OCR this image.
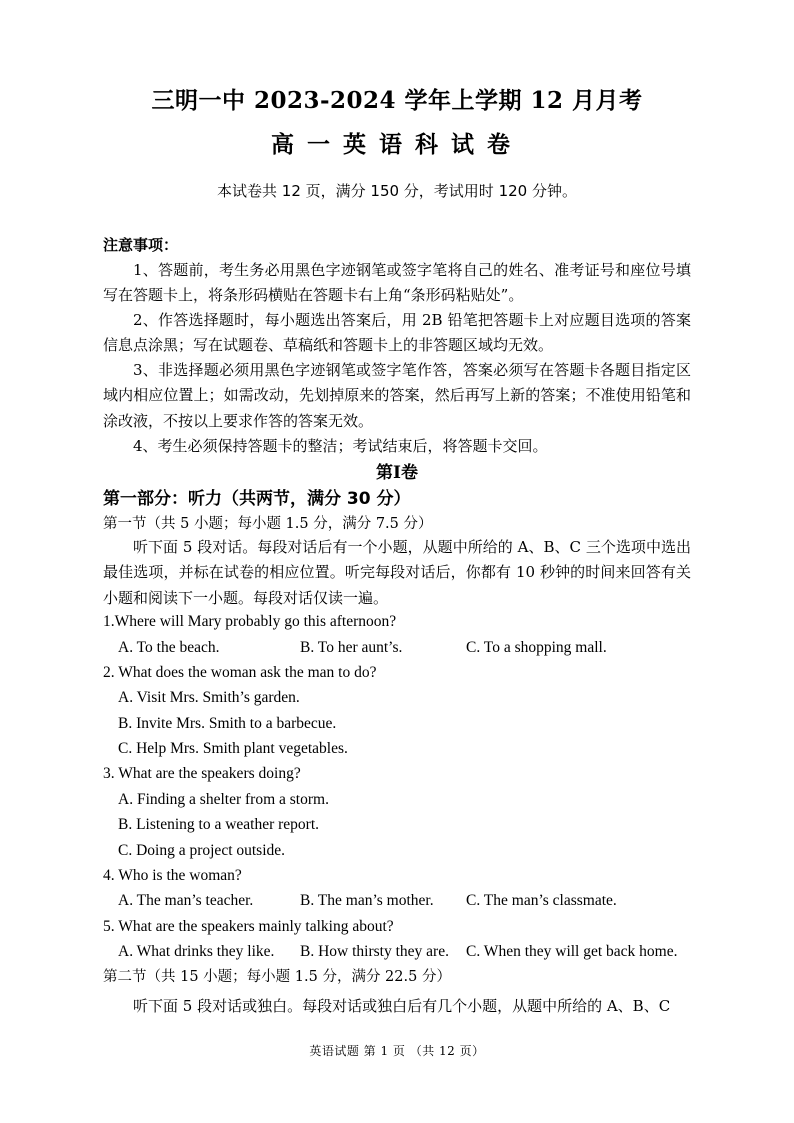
三明一中 2023-2024 学年上学期 12 月月考
高一英语科试卷
本试卷共 12 页，满分 150 分，考试用时 120 分钟。
注意事项：
1、答题前，考生务必用黑色字迹钢笔或签字笔将自己的姓名、准考证号和座位号填写在答题卡上，将条形码横贴在答题卡右上角“条形码粘贴处”。
2、作答选择题时，每小题选出答案后，用 2B 铅笔把答题卡上对应题目选项的答案信息点涂黑；写在试题卷、草稿纸和答题卡上的非答题区域均无效。
3、非选择题必须用黑色字迹钢笔或签字笔作答，答案必须写在答题卡各题目指定区域内相应位置上；如需改动，先划掉原来的答案，然后再写上新的答案；不准使用铅笔和涂改液，不按以上要求作答的答案无效。
4、考生必须保持答题卡的整洁；考试结束后，将答题卡交回。
第I卷
第一部分：听力（共两节，满分 30 分）
第一节（共 5 小题；每小题 1.5 分，满分 7.5 分）
听下面 5 段对话。每段对话后有一个小题，从题中所给的 A、B、C 三个选项中选出最佳选项，并标在试卷的相应位置。听完每段对话后，你都有 10 秒钟的时间来回答有关小题和阅读下一小题。每段对话仅读一遍。
1.Where will Mary probably go this afternoon?
A. To the beach.	B. To her aunt’s.	C. To a shopping mall.
2. What does the woman ask the man to do?
A. Visit Mrs. Smith’s garden.
B. Invite Mrs. Smith to a barbecue.
C. Help Mrs. Smith plant vegetables.
3. What are the speakers doing?
A. Finding a shelter from a storm.
B. Listening to a weather report.
C. Doing a project outside.
4. Who is the woman?
A. The man’s teacher.	B. The man’s mother. C. The man’s classmate.
5. What are the speakers mainly talking about?
A. What drinks they like. B. How thirsty they are. C. When they will get back home.
第二节（共 15 小题；每小题 1.5 分，满分 22.5 分）
听下面 5 段对话或独白。每段对话或独白后有几个小题，从题中所给的 A、B、C
英语试题 第 1 页 （共 12 页）
